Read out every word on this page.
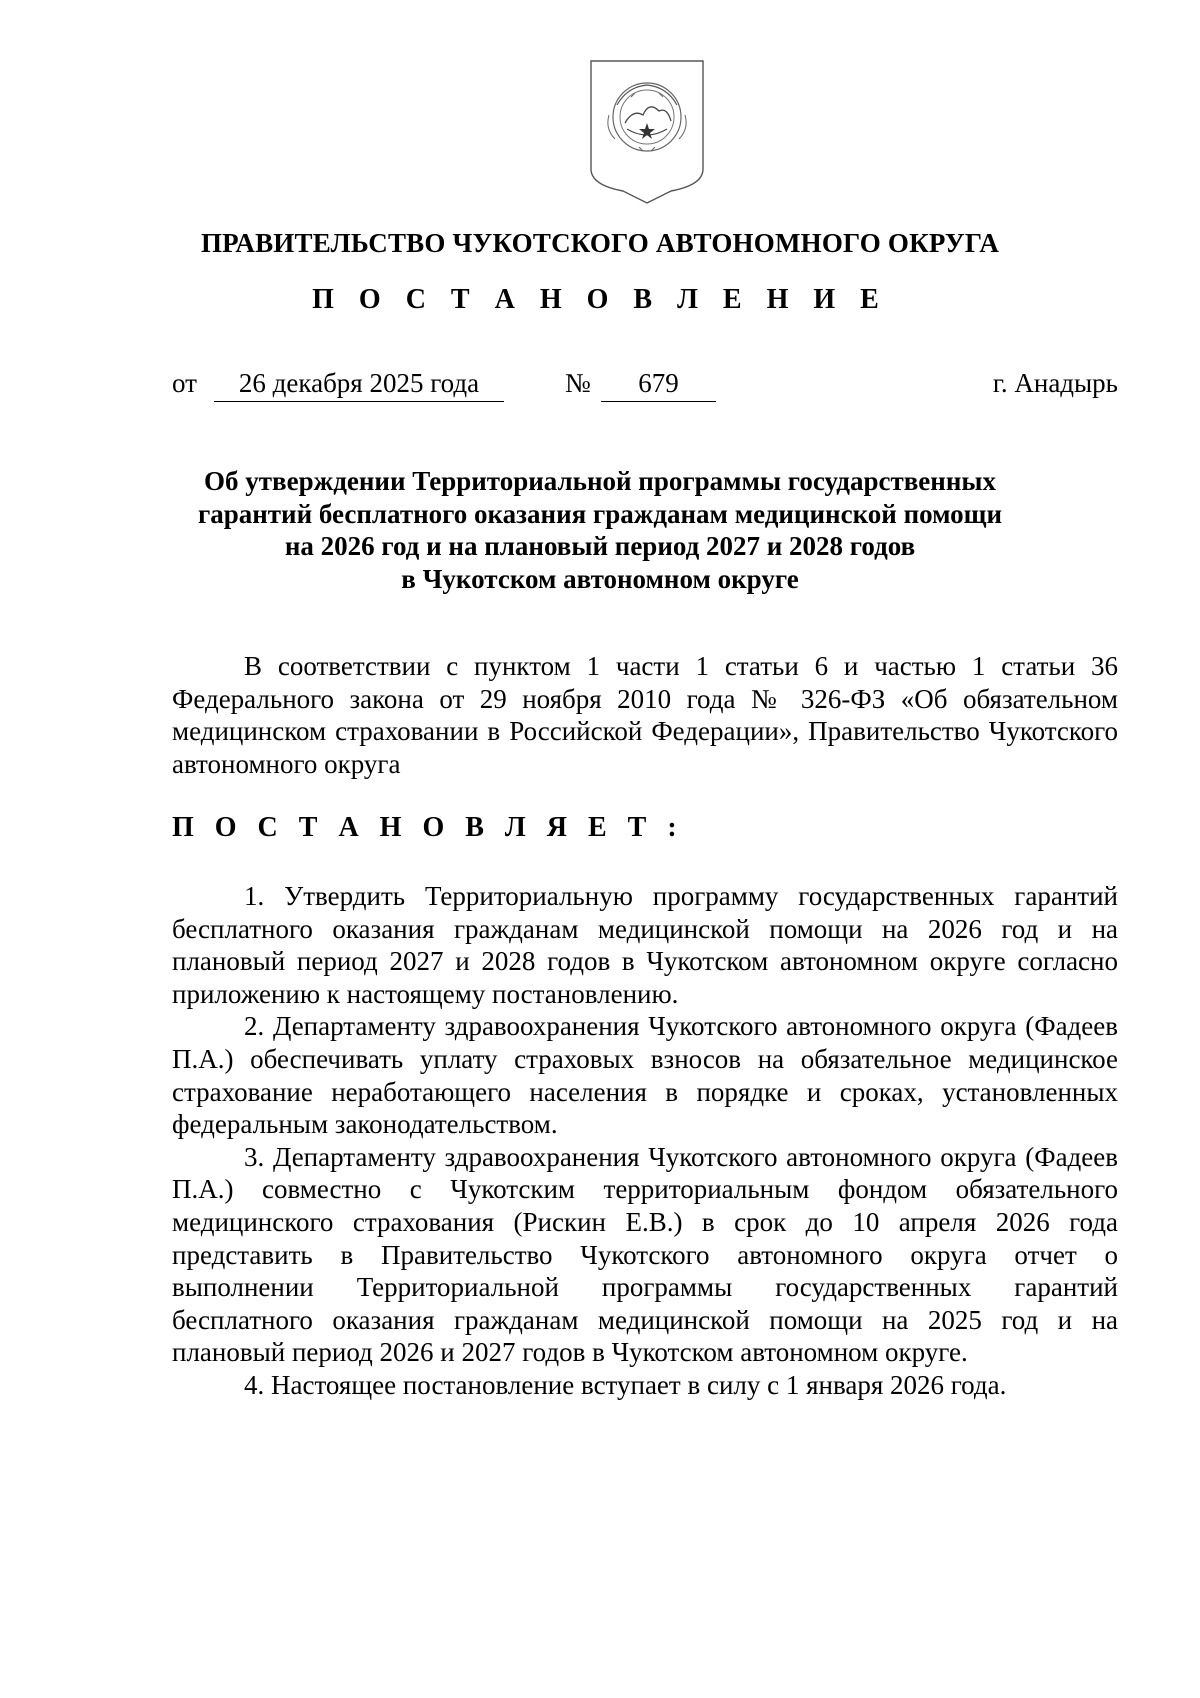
ПРАВИТЕЛЬСТВО ЧУКОТСКОГО АВТОНОМНОГО ОКРУГА
П О С Т А Н О В Л Е Н И Е
от	26 декабря 2025 года	№	679	г. Анадырь
Об утверждении Территориальной программы государственных
гарантий бесплатного оказания гражданам медицинской помощи
на 2026 год и на плановый период 2027 и 2028 годов
в Чукотском автономном округе

В соответствии с пунктом 1 части 1 статьи 6 и частью 1 статьи 36 Федерального закона от 29 ноября 2010 года № 326-ФЗ «Об обязательном медицинском страховании в Российской Федерации», Правительство Чукотского автономного округа

П О С Т А Н О В Л Я Е Т :

1. Утвердить Территориальную программу государственных гарантий бесплатного оказания гражданам медицинской помощи на 2026 год и на плановый период 2027 и 2028 годов в Чукотском автономном округе согласно приложению к настоящему постановлению.

2. Департаменту здравоохранения Чукотского автономного округа (Фадеев П.А.) обеспечивать уплату страховых взносов на обязательное медицинское страхование неработающего населения в порядке и сроках, установленных федеральным законодательством.

3. Департаменту здравоохранения Чукотского автономного округа (Фадеев П.А.) совместно с Чукотским территориальным фондом обязательного медицинского страхования (Рискин Е.В.) в срок до 10 апреля 2026 года представить в Правительство Чукотского автономного округа отчет о выполнении Территориальной программы государственных гарантий бесплатного оказания гражданам медицинской помощи на 2025 год и на плановый период 2026 и 2027 годов в Чукотском автономном округе.

4. Настоящее постановление вступает в силу с 1 января 2026 года.
